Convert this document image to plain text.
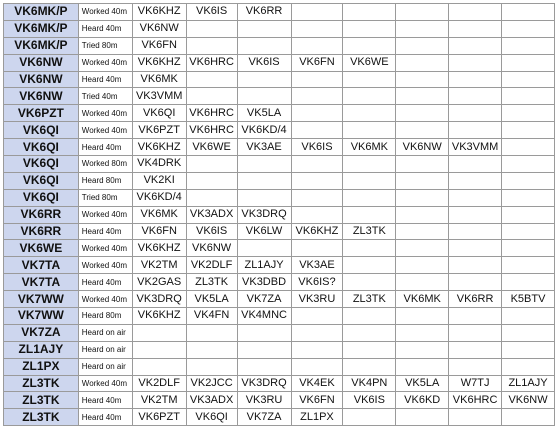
VK6MK/P	Worked 40m	VK6KHZ	VK6IS	VK6RR					
VK6MK/P	Heard 40m	VK6NW							
VK6MK/P	Tried 80m	VK6FN							
VK6NW	Worked 40m	VK6KHZ	VK6HRC	VK6IS	VK6FN	VK6WE			
VK6NW	Heard 40m	VK6MK							
VK6NW	Tried 40m	VK3VMM							
VK6PZT	Worked 40m	VK6QI	VK6HRC	VK5LA					
VK6QI	Worked 40m	VK6PZT	VK6HRC	VK6KD/4					
VK6QI	Heard 40m	VK6KHZ	VK6WE	VK3AE	VK6IS	VK6MK	VK6NW	VK3VMM	
VK6QI	Worked 80m	VK4DRK							
VK6QI	Heard 80m	VK2KI							
VK6QI	Tried 80m	VK6KD/4							
VK6RR	Worked 40m	VK6MK	VK3ADX	VK3DRQ					
VK6RR	Heard 40m	VK6FN	VK6IS	VK6LW	VK6KHZ	ZL3TK			
VK6WE	Worked 40m	VK6KHZ	VK6NW						
VK7TA	Worked 40m	VK2TM	VK2DLF	ZL1AJY	VK3AE				
VK7TA	Heard 40m	VK2GAS	ZL3TK	VK3DBD	VK6IS?				
VK7WW	Worked 40m	VK3DRQ	VK5LA	VK7ZA	VK3RU	ZL3TK	VK6MK	VK6RR	K5BTV
VK7WW	Heard 80m	VK6KHZ	VK4FN	VK4MNC					
VK7ZA	Heard on air								
ZL1AJY	Heard on air								
ZL1PX	Heard on air								
ZL3TK	Worked 40m	VK2DLF	VK2JCC	VK3DRQ	VK4EK	VK4PN	VK5LA	W7TJ	ZL1AJY
ZL3TK	Heard 40m	VK2TM	VK3ADX	VK3RU	VK6FN	VK6IS	VK6KD	VK6HRC	VK6NW
ZL3TK	Heard 40m	VK6PZT	VK6QI	VK7ZA	ZL1PX				
